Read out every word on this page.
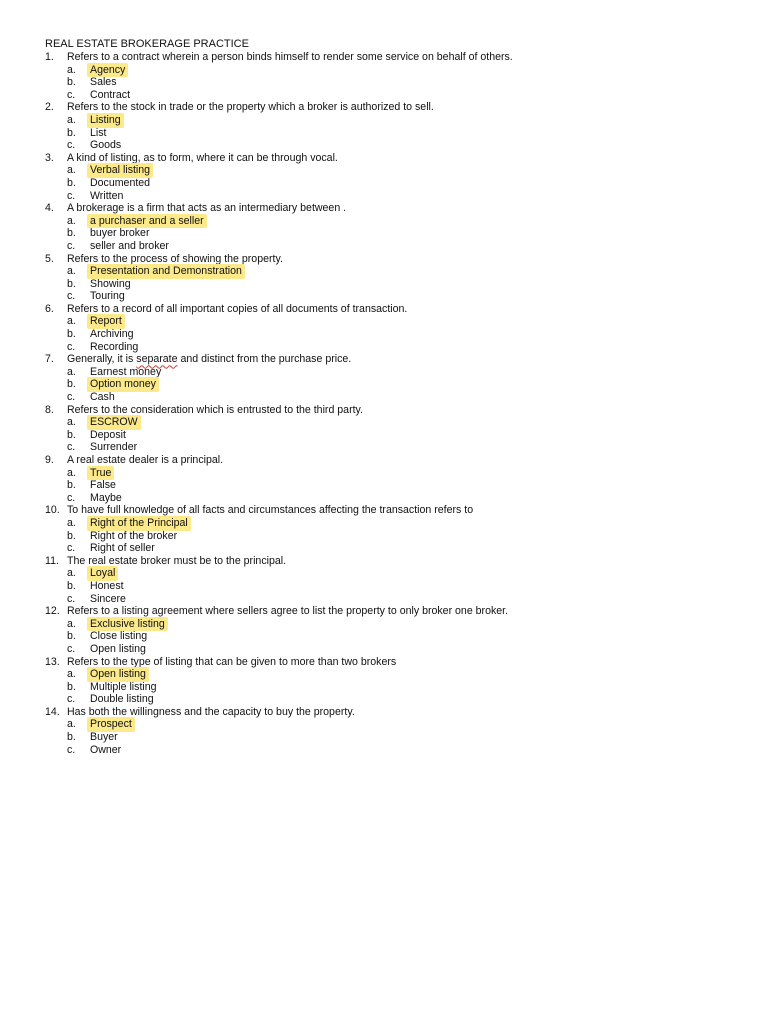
REAL ESTATE BROKERAGE PRACTICE
1. Refers to a contract wherein a person binds himself to render some service on behalf of others.
a. Agency
b. Sales
c. Contract
2. Refers to the stock in trade or the property which a broker is authorized to sell.
a. Listing
b. List
c. Goods
3. A kind of listing, as to form, where it can be through vocal.
a. Verbal listing
b. Documented
c. Written
4. A brokerage is a firm that acts as an intermediary between .
a. a purchaser and a seller
b. buyer broker
c. seller and broker
5. Refers to the process of showing the property.
a. Presentation and Demonstration
b. Showing
c. Touring
6. Refers to a record of all important copies of all documents of transaction.
a. Report
b. Archiving
c. Recording
7. Generally, it is separate and distinct from the purchase price.
a. Earnest money
b. Option money
c. Cash
8. Refers to the consideration which is entrusted to the third party.
a. ESCROW
b. Deposit
c. Surrender
9. A real estate dealer is a principal.
a. True
b. False
c. Maybe
10. To have full knowledge of all facts and circumstances affecting the transaction refers to
a. Right of the Principal
b. Right of the broker
c. Right of seller
11. The real estate broker must be to the principal.
a. Loyal
b. Honest
c. Sincere
12. Refers to a listing agreement where sellers agree to list the property to only broker one broker.
a. Exclusive listing
b. Close listing
c. Open listing
13. Refers to the type of listing that can be given to more than two brokers
a. Open listing
b. Multiple listing
c. Double listing
14. Has both the willingness and the capacity to buy the property.
a. Prospect
b. Buyer
c. Owner
